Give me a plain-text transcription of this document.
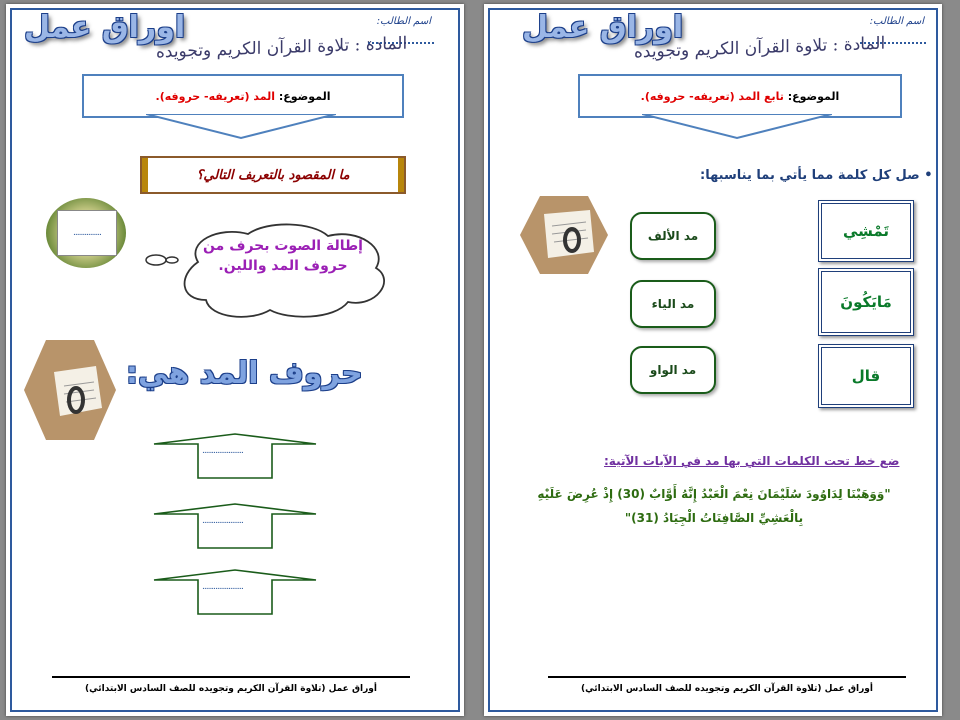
اسم الطالب:
اوراق عمل
المادة : تلاوة القرآن الكريم وتجويده
الموضوع:

المد (تعريفه- حروفه).
ما المقصود بالتعريف التالي؟
...............
إطالة الصوت بحرف من حروف المد واللين.
حروف المد هي:
......................
......................
......................
أوراق عمل (تلاوة القرآن الكريم وتجويده للصف السادس الابتدائي)
اسم الطالب:
اوراق عمل
المادة : تلاوة القرآن الكريم وتجويده
الموضوع:

تابع المد (تعريفه- حروفه).
• صل كل كلمة مما يأتي بما يناسبها:
مد الألف
مد الياء
مد الواو
تَمْشِي
مَايَكُونَ
قال
ضع خط تحت الكلمات التي بها مد في الآيات الآتية:
"وَوَهَبْنَا لِدَاوُودَ سُلَيْمَانَ نِعْمَ الْعَبْدُ إِنَّهُ أَوَّابٌ (30) إِذْ عُرِضَ عَلَيْهِ
بِالْعَشِيِّ الصَّافِنَاتُ الْجِيَادُ (31)"
أوراق عمل (تلاوة القرآن الكريم وتجويده للصف السادس الابتدائي)
